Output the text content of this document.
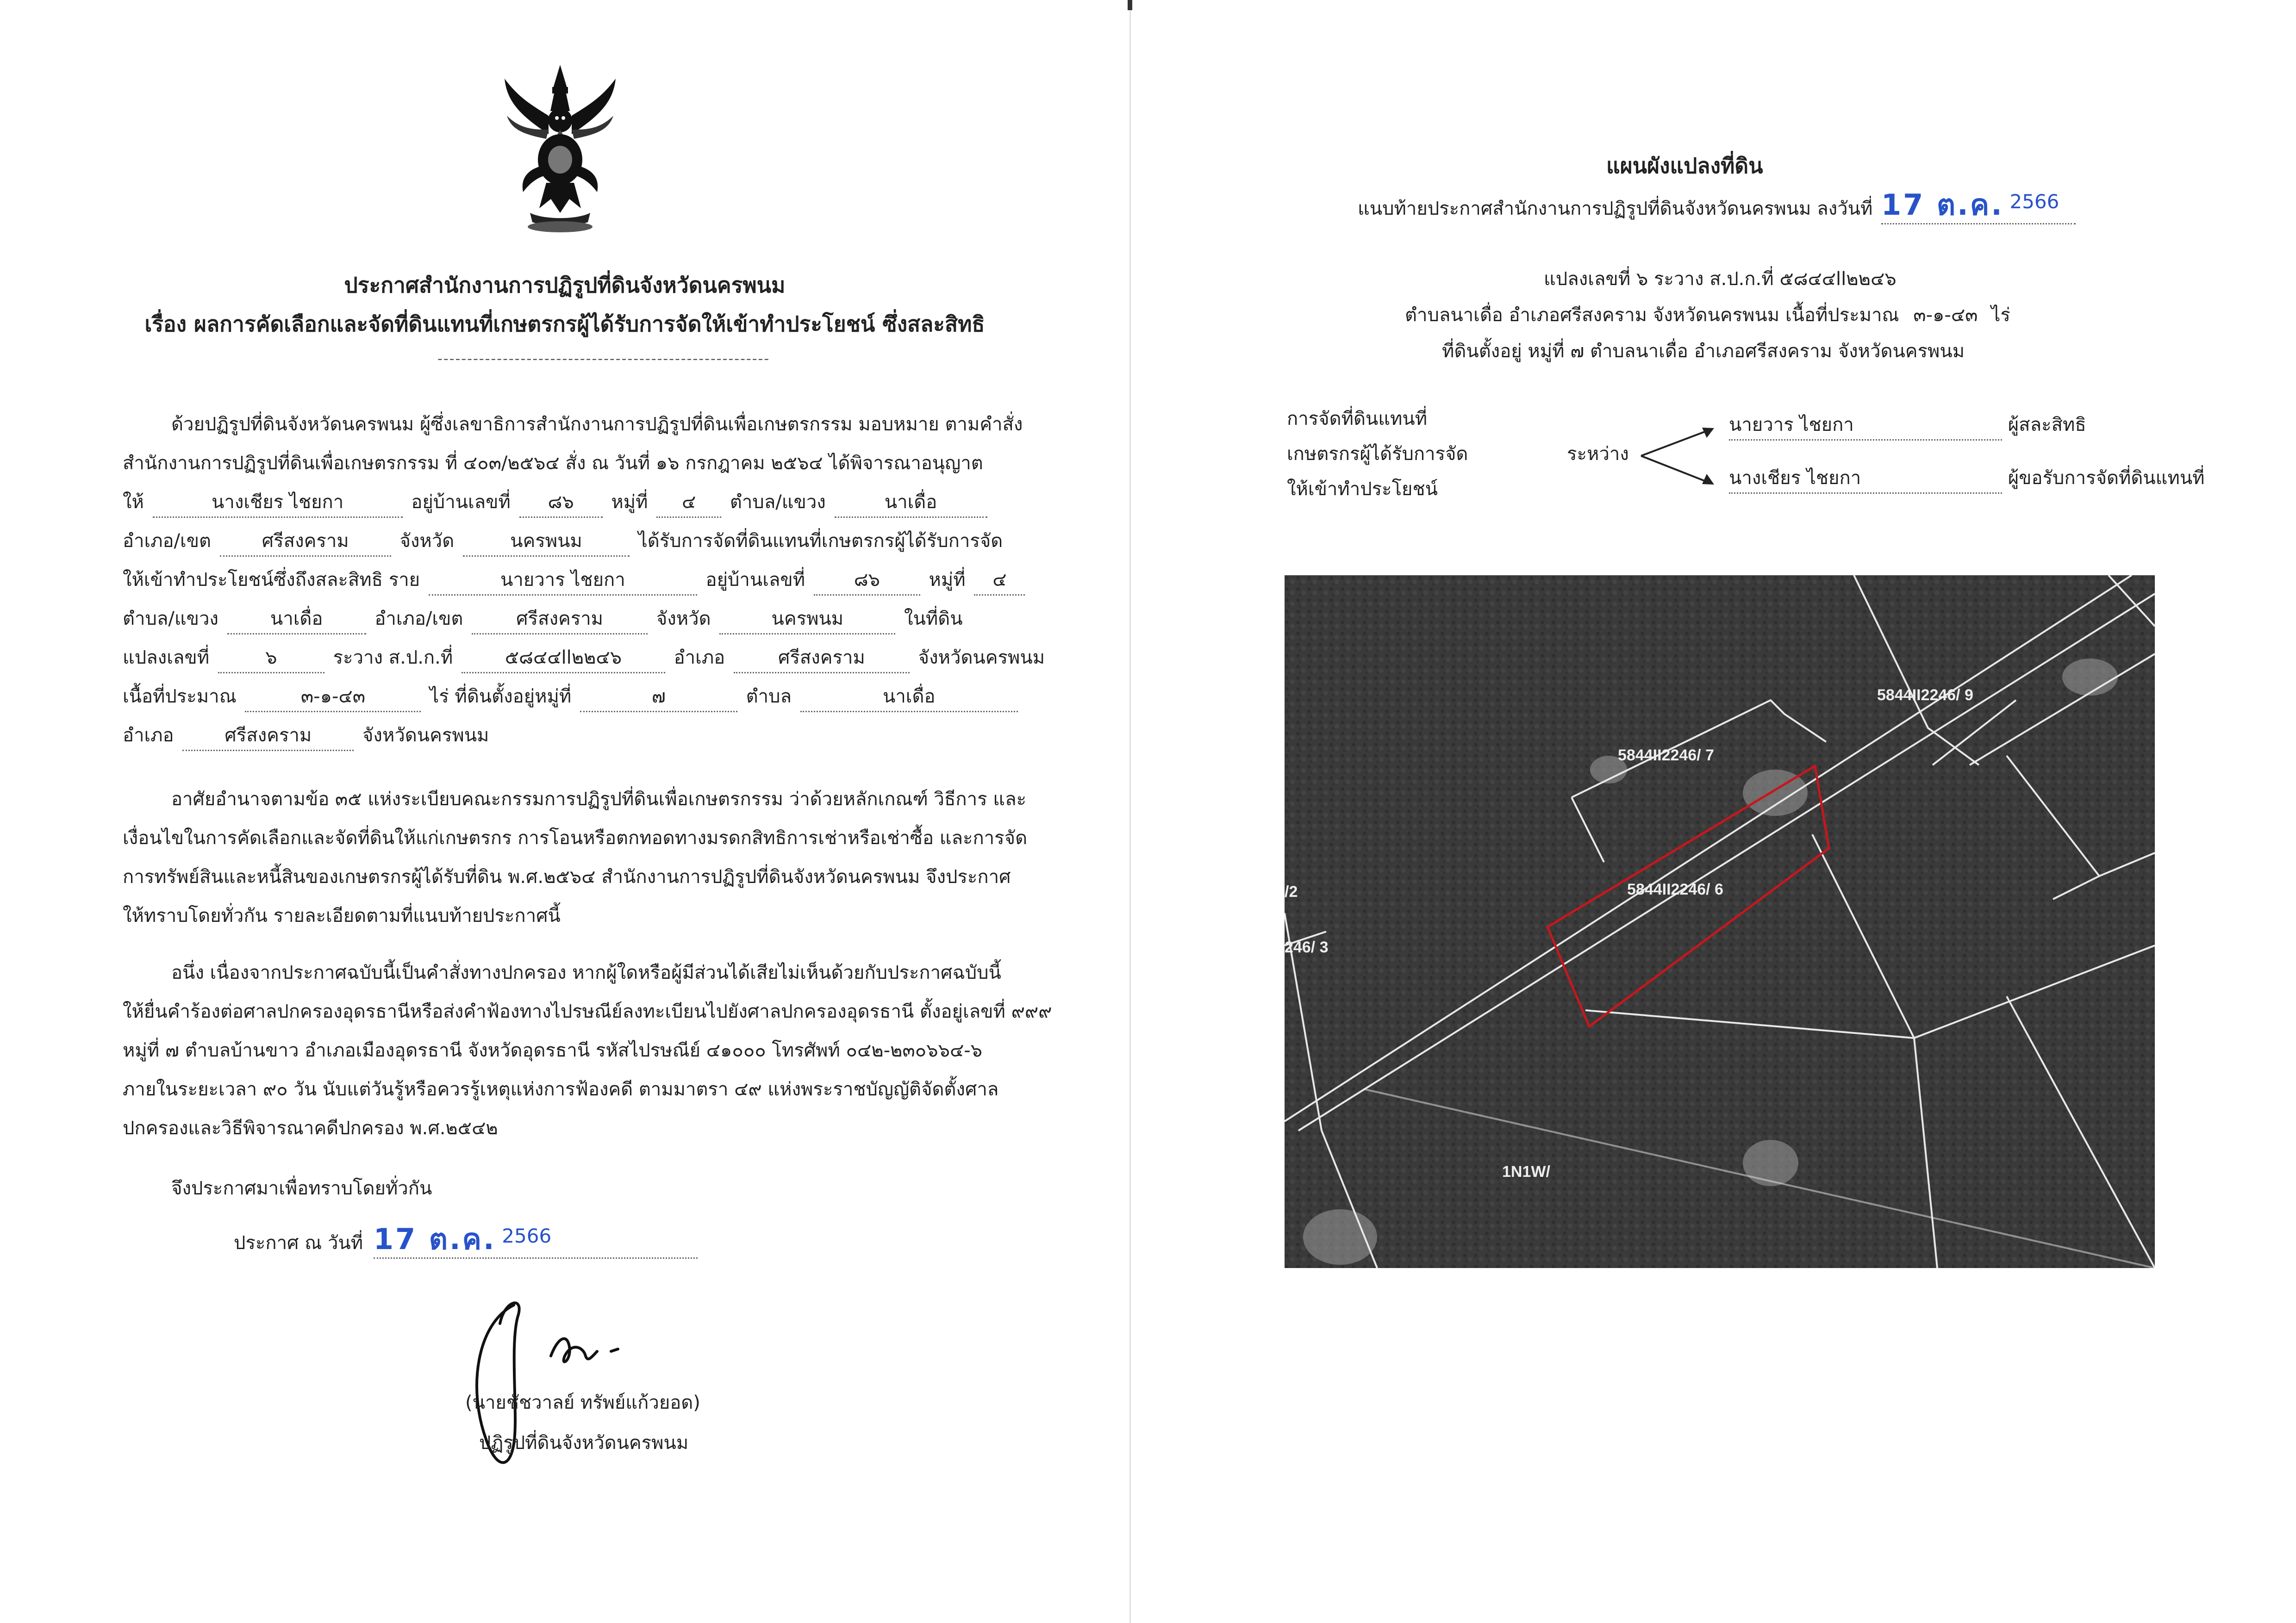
ประกาศสำนักงานการปฏิรูปที่ดินจังหวัดนครพนม
เรื่อง ผลการคัดเลือกและจัดที่ดินแทนที่เกษตรกรผู้ได้รับการจัดให้เข้าทำประโยชน์ ซึ่งสละสิทธิ
--------------------------------------------------------

ด้วยปฏิรูปที่ดินจังหวัดนครพนม ผู้ซึ่งเลขาธิการสำนักงานการปฏิรูปที่ดินเพื่อเกษตรกรรม มอบหมาย ตามคำสั่ง

สำนักงานการปฏิรูปที่ดินเพื่อเกษตรกรรม ที่ ๔๐๓/๒๕๖๔ สั่ง ณ วันที่ ๑๖ กรกฎาคม ๒๕๖๔ ได้พิจารณาอนุญาต

ให้	นางเชียร ไชยกา	อยู่บ้านเลขที่ ๘๖ หมู่ที่ ๔ ตำบล/แขวง	นาเดื่อ

อำเภอ/เขต	ศรีสงคราม	จังหวัด	นครพนม	ได้รับการจัดที่ดินแทนที่เกษตรกรผู้ได้รับการจัด

ให้เข้าทำประโยชน์ซึ่งถึงสละสิทธิ ราย	นายวาร ไชยกา	อยู่บ้านเลขที่	๘๖	หมู่ที่ ๔

ตำบล/แขวง	นาเดื่อ	อำเภอ/เขต	ศรีสงคราม	จังหวัด	นครพนม	ในที่ดิน

แปลงเลขที่	๖	ระวาง ส.ป.ก.ที่	๕๘๔๔ll๒๒๔๖	อำเภอ	ศรีสงคราม	จังหวัดนครพนม

เนื้อที่ประมาณ	๓-๑-๔๓	ไร่ ที่ดินตั้งอยู่หมู่ที่	๗	ตำบล	นาเดื่อ

อำเภอ	ศรีสงคราม	จังหวัดนครพนม

อาศัยอำนาจตามข้อ ๓๕ แห่งระเบียบคณะกรรมการปฏิรูปที่ดินเพื่อเกษตรกรรม ว่าด้วยหลักเกณฑ์ วิธีการ และ

เงื่อนไขในการคัดเลือกและจัดที่ดินให้แก่เกษตรกร การโอนหรือตกทอดทางมรดกสิทธิการเช่าหรือเช่าซื้อ และการจัด

การทรัพย์สินและหนี้สินของเกษตรกรผู้ได้รับที่ดิน พ.ศ.๒๕๖๔ สำนักงานการปฏิรูปที่ดินจังหวัดนครพนม จึงประกาศ

ให้ทราบโดยทั่วกัน รายละเอียดตามที่แนบท้ายประกาศนี้

อนึ่ง เนื่องจากประกาศฉบับนี้เป็นคำสั่งทางปกครอง หากผู้ใดหรือผู้มีส่วนได้เสียไม่เห็นด้วยกับประกาศฉบับนี้

ให้ยื่นคำร้องต่อศาลปกครองอุดรธานีหรือส่งคำฟ้องทางไปรษณีย์ลงทะเบียนไปยังศาลปกครองอุดรธานี ตั้งอยู่เลขที่ ๙๙๙

หมู่ที่ ๗ ตำบลบ้านขาว อำเภอเมืองอุดรธานี จังหวัดอุดรธานี รหัสไปรษณีย์ ๔๑๐๐๐ โทรศัพท์ ๐๔๒-๒๓๐๖๖๔-๖

ภายในระยะเวลา ๙๐ วัน นับแต่วันรู้หรือควรรู้เหตุแห่งการฟ้องคดี ตามมาตรา ๔๙ แห่งพระราชบัญญัติจัดตั้งศาล

ปกครองและวิธีพิจารณาคดีปกครอง พ.ศ.๒๕๔๒

จึงประกาศมาเพื่อทราบโดยทั่วกัน
ประกาศ ณ วันที่ 17 ต.ค. 2566
(นายชัชวาลย์ ทรัพย์แก้วยอด)
ปฏิรูปที่ดินจังหวัดนครพนม
แผนผังแปลงที่ดิน
แนบท้ายประกาศสำนักงานการปฏิรูปที่ดินจังหวัดนครพนม ลงวันที่ 17 ต.ค. 2566
แปลงเลขที่ ๖ ระวาง ส.ป.ก.ที่ ๕๘๔๔ll๒๒๔๖
ตำบลนาเดื่อ อำเภอศรีสงคราม จังหวัดนครพนม เนื้อที่ประมาณ ๓-๑-๔๓ ไร่
ที่ดินตั้งอยู่ หมู่ที่ ๗ ตำบลนาเดื่อ อำเภอศรีสงคราม จังหวัดนครพนม
การจัดที่ดินแทนที่
เกษตรกรผู้ได้รับการจัด
ให้เข้าทำประโยชน์
ระหว่าง
นายวาร ไชยกา	ผู้สละสิทธิ
นางเชียร ไชยกา	ผู้ขอรับการจัดที่ดินแทนที่
5844II2246/ 9
5844II2246/ 7
5844II2246/ 6
246/ 3
/2
1N1W/
